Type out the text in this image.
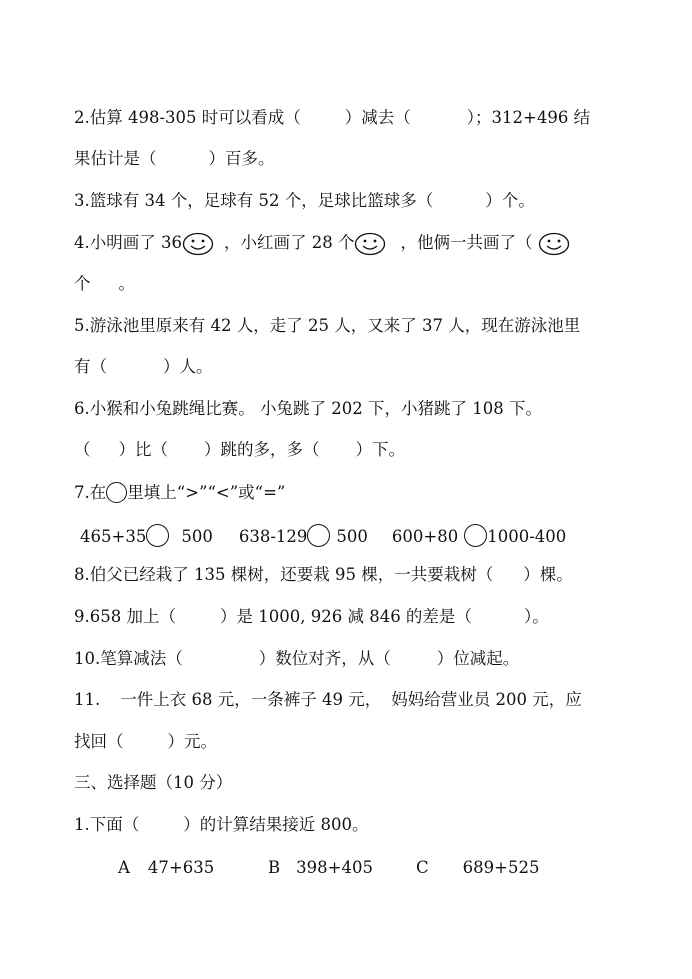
2.估算 498-305 时可以看成（	）减去（	）；312+496 结
果估计是（	）百多。
3.篮球有 34 个，足球有 52 个，足球比篮球多（	）个。
4.小明画了 36	，小红画了 28 个	，他俩一共画了（
个 。
5.游泳池里原来有 42 人，走了 25 人，又来了 37 人，现在游泳池里
有（	）人。
6.小猴和小兔跳绳比赛。 小兔跳了 202 下，小猪跳了 108 下。
（ ）比（ ）跳的多，多（ ）下。
7.在 里填上“>”“<”或“=”
465+35 500 638-129 500 600+80 1000-400
8.伯父已经栽了 135 棵树，还要栽 95 棵，一共要栽树（ ）棵。
9.658 加上（	）是 1000, 926 减 846 的差是（	）。
10.笔算减法（	）数位对齐，从（	）位减起。
11. 一件上衣 68 元，一条裤子 49 元， 妈妈给营业员 200 元，应
找回（	）元。
三、选择题（10 分）
1.下面（	）的计算结果接近 800。
A 47+635	B 398+405	C 689+525
